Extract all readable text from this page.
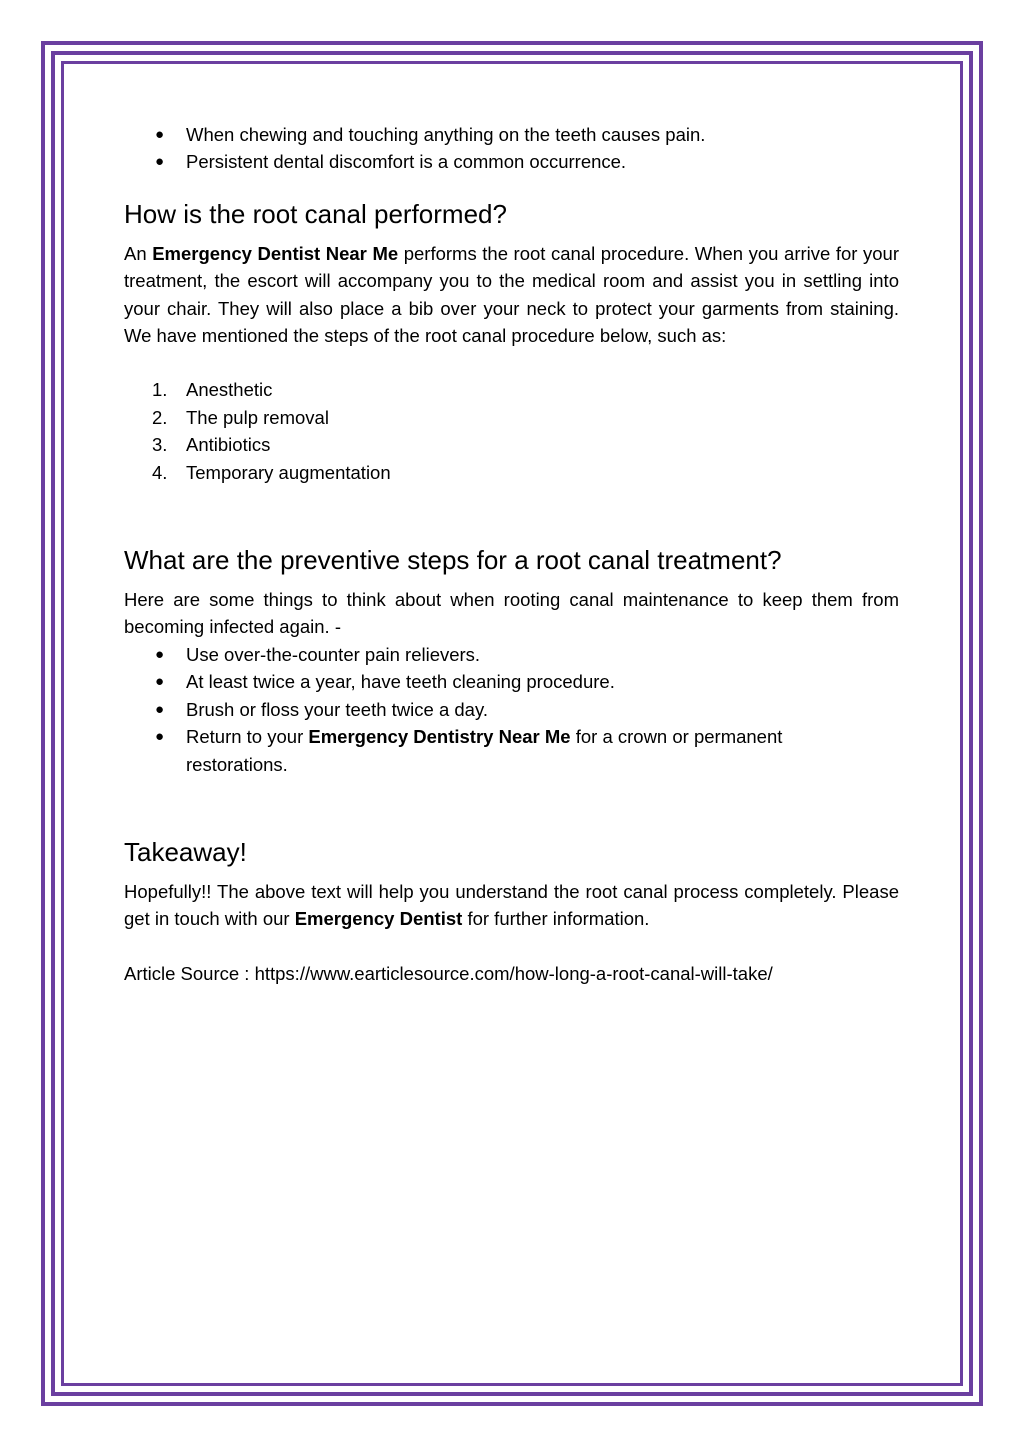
● When chewing and touching anything on the teeth causes pain.
● Persistent dental discomfort is a common occurrence.
How is the root canal performed?

An Emergency Dentist Near Me performs the root canal procedure. When you arrive for your treatment, the escort will accompany you to the medical room and assist you in settling into your chair. They will also place a bib over your neck to protect your garments from staining. We have mentioned the steps of the root canal procedure below, such as:

1. Anesthetic
2. The pulp removal
3. Antibiotics
4. Temporary augmentation
What are the preventive steps for a root canal treatment?

Here are some things to think about when rooting canal maintenance to keep them from becoming infected again. -

● Use over-the-counter pain relievers.
● At least twice a year, have teeth cleaning procedure.
● Brush or floss your teeth twice a day.
● Return to your Emergency Dentistry Near Me for a crown or permanent restorations.
Takeaway!

Hopefully!! The above text will help you understand the root canal process completely. Please get in touch with our Emergency Dentist for further information.

Article Source : https://www.earticlesource.com/how-long-a-root-canal-will-take/
